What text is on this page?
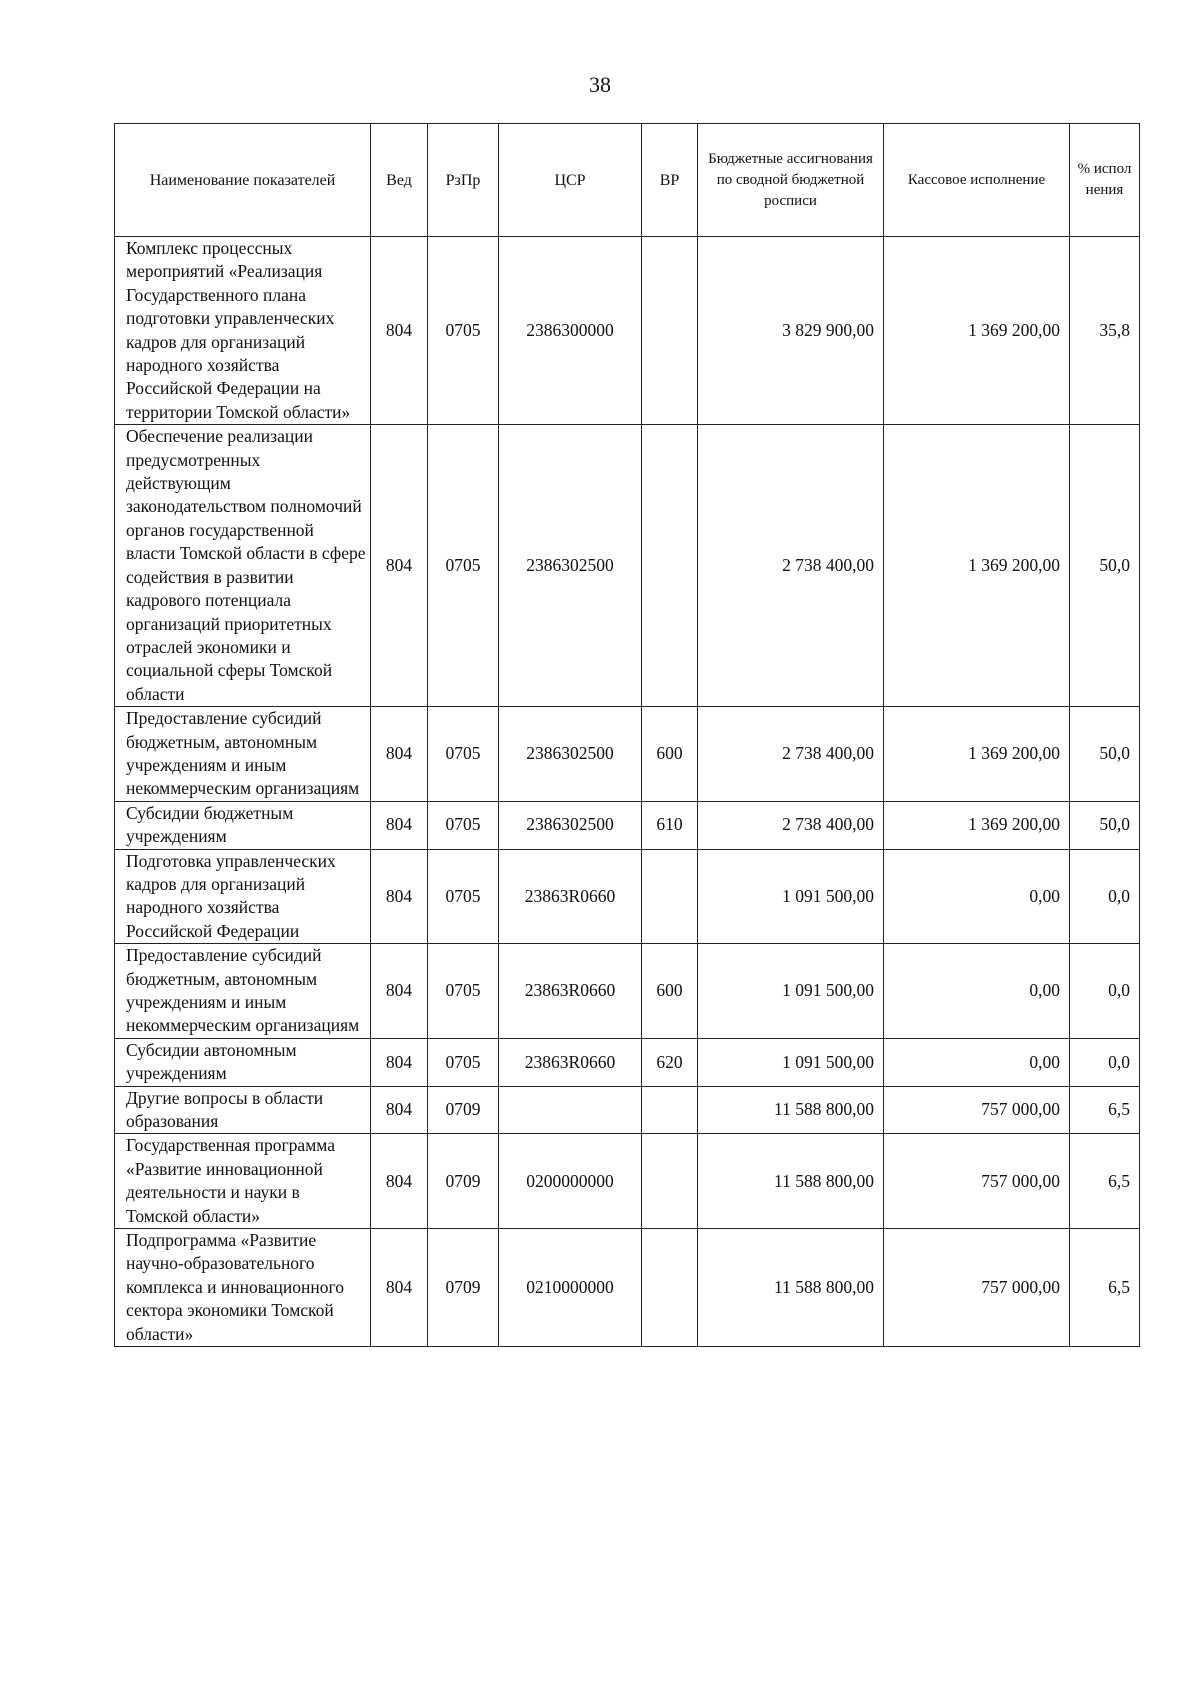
38
Наименование показателей	Вед	РзПр	ЦСР	ВР	Бюджетные ассигнования по сводной бюджетной росписи	Кассовое исполнение	% испол нения
Комплекс процессных мероприятий «Реализация Государственного плана подготовки управленческих кадров для организаций народного хозяйства Российской Федерации на территории Томской области»	804	0705	2386300000		3 829 900,00	1 369 200,00	35,8
Обеспечение реализации предусмотренных действующим законодательством полномочий органов государственной власти Томской области в сфере содействия в развитии кадрового потенциала организаций приоритетных отраслей экономики и социальной сферы Томской области	804	0705	2386302500		2 738 400,00	1 369 200,00	50,0
Предоставление субсидий бюджетным, автономным учреждениям и иным некоммерческим организациям	804	0705	2386302500	600	2 738 400,00	1 369 200,00	50,0
Субсидии бюджетным учреждениям	804	0705	2386302500	610	2 738 400,00	1 369 200,00	50,0
Подготовка управленческих кадров для организаций народного хозяйства Российской Федерации	804	0705	23863R0660		1 091 500,00	0,00	0,0
Предоставление субсидий бюджетным, автономным учреждениям и иным некоммерческим организациям	804	0705	23863R0660	600	1 091 500,00	0,00	0,0
Субсидии автономным учреждениям	804	0705	23863R0660	620	1 091 500,00	0,00	0,0
Другие вопросы в области образования	804	0709			11 588 800,00	757 000,00	6,5
Государственная программа «Развитие инновационной деятельности и науки в Томской области»	804	0709	0200000000		11 588 800,00	757 000,00	6,5
Подпрограмма «Развитие научно-образовательного комплекса и инновационного сектора экономики Томской области»	804	0709	0210000000		11 588 800,00	757 000,00	6,5
